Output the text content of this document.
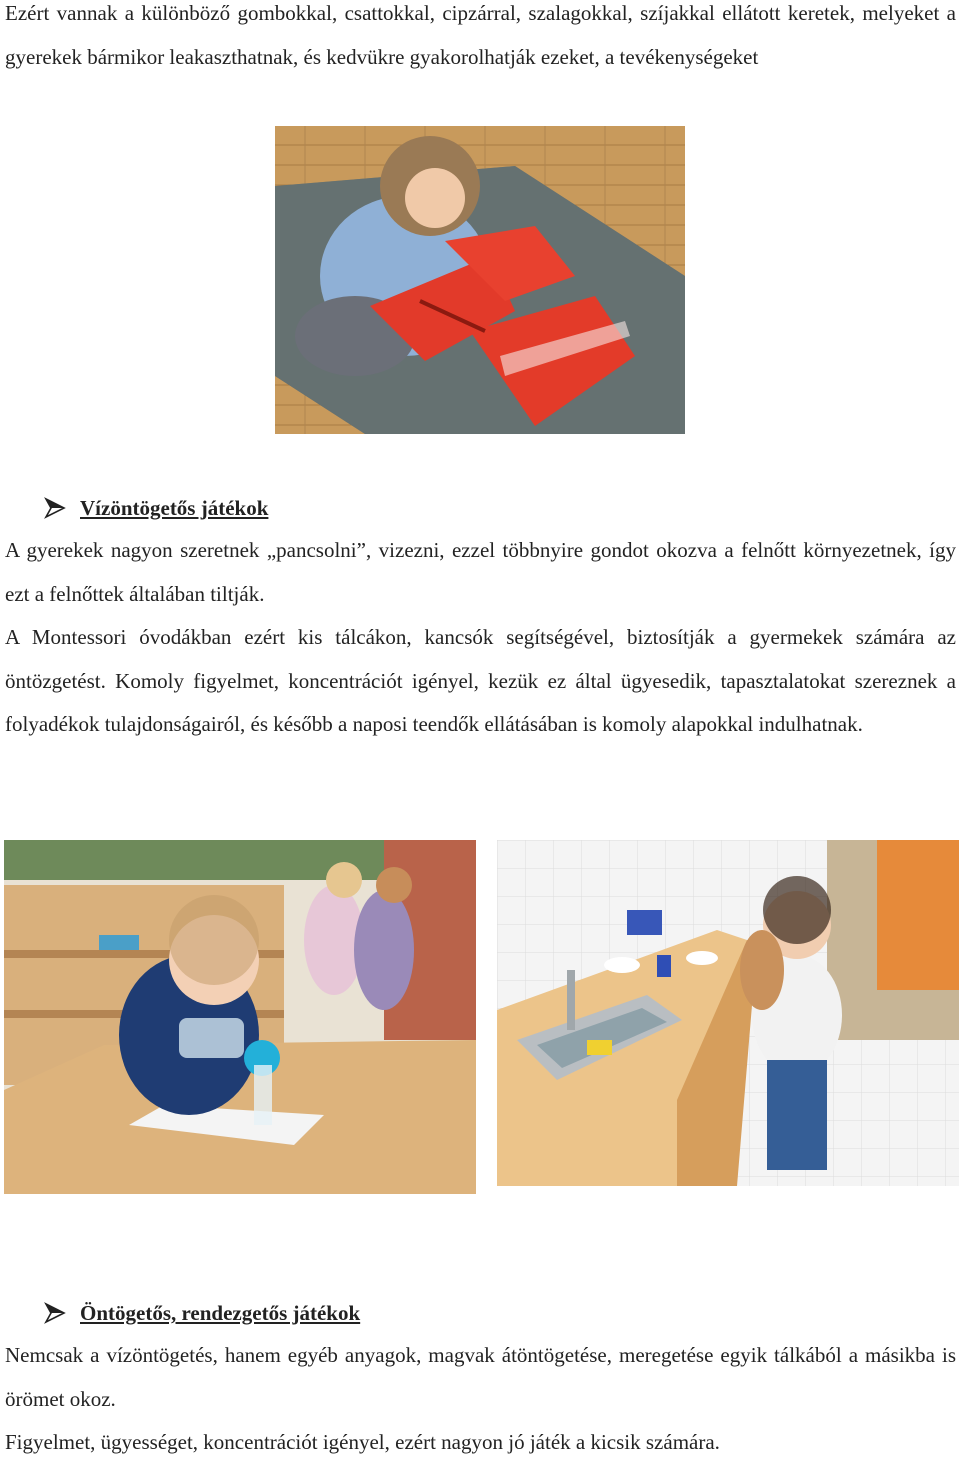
Ezért vannak a különböző gombokkal, csattokkal, cipzárral, szalagokkal, szíjakkal ellátott keretek, melyeket a gyerekek bármikor leakaszthatnak, és kedvükre gyakorolhatják ezeket, a tevékenységeket

Vízöntögetős játékok

A gyerekek nagyon szeretnek „pancsolni”, vizezni, ezzel többnyire gondot okozva a felnőtt környezetnek, így ezt a felnőttek általában tiltják.

A Montessori óvodákban ezért kis tálcákon, kancsók segítségével, biztosítják a gyermekek számára az öntözgetést. Komoly figyelmet, koncentrációt igényel, kezük ez által ügyesedik, tapasztalatokat szereznek a folyadékok tulajdonságairól, és később a naposi teendők ellátásában is komoly alapokkal indulhatnak.

Öntögetős, rendezgetős játékok

Nemcsak a vízöntögetés, hanem egyéb anyagok, magvak átöntögetése, meregetése egyik tálkából a másikba is örömet okoz.

Figyelmet, ügyességet, koncentrációt igényel, ezért nagyon jó játék a kicsik számára.
